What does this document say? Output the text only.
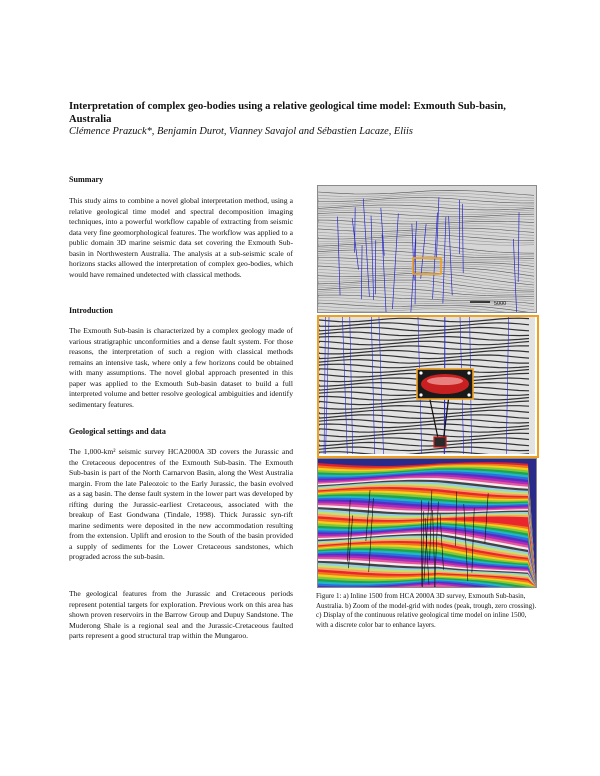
Interpretation of complex geo-bodies using a relative geological time model: Exmouth Sub-basin, Australia
Clémence Prazuck*, Benjamin Durot, Vianney Savajol and Sébastien Lacaze, Eliis
Summary

This study aims to combine a novel global interpretation method, using a relative geological time model and spectral decomposition imaging techniques, into a powerful workflow capable of extracting from seismic data very fine geomorphological features. The workflow was applied to a public domain 3D marine seismic data set covering the Exmouth Sub-basin in Northwestern Australia. The analysis at a sub-seismic scale of horizons stacks allowed the interpretation of complex geo-bodies, which would have remained undetected with classical methods.

Introduction

The Exmouth Sub-basin is characterized by a complex geology made of various stratigraphic unconformities and a dense fault system. For those reasons, the interpretation of such a region with classical methods remains an intensive task, where only a few horizons could be obtained with many assumptions. The novel global approach presented in this paper was applied to the Exmouth Sub-basin dataset to build a full interpreted volume and better resolve geological ambiguities and identify sedimentary features.

Geological settings and data

The 1,000-km² seismic survey HCA2000A 3D covers the Jurassic and the Cretaceous depocentres of the Exmouth Sub-basin. The Exmouth Sub-basin is part of the North Carnarvon Basin, along the West Australia margin. From the late Paleozoic to the Early Jurassic, the basin evolved as a sag basin. The dense fault system in the lower part was developed by rifting during the Jurassic-earliest Cretaceous, associated with the breakup of East Gondwana (Tindale, 1998). Thick Jurassic syn-rift marine sediments were deposited in the new accommodation resulting from the extension. Uplift and erosion to the South of the basin provided a supply of sediments for the Lower Cretaceous sandstones, which prograded across the sub-basin.

The geological features from the Jurassic and Cretaceous periods represent potential targets for exploration. Previous work on this area has shown proven reservoirs in the Barrow Group and Dupuy Sandstone. The Muderong Shale is a regional seal and the Jurassic-Cretaceous faulted parts represent a good structural trap within the Mungaroo.

5000

Figure 1: a) Inline 1500 from HCA 2000A 3D survey, Exmouth Sub-basin, Australia. b) Zoom of the model-grid with nodes (peak, trough, zero crossing). c) Display of the continuous relative geological time model on inline 1500, with a discrete color bar to enhance layers.
